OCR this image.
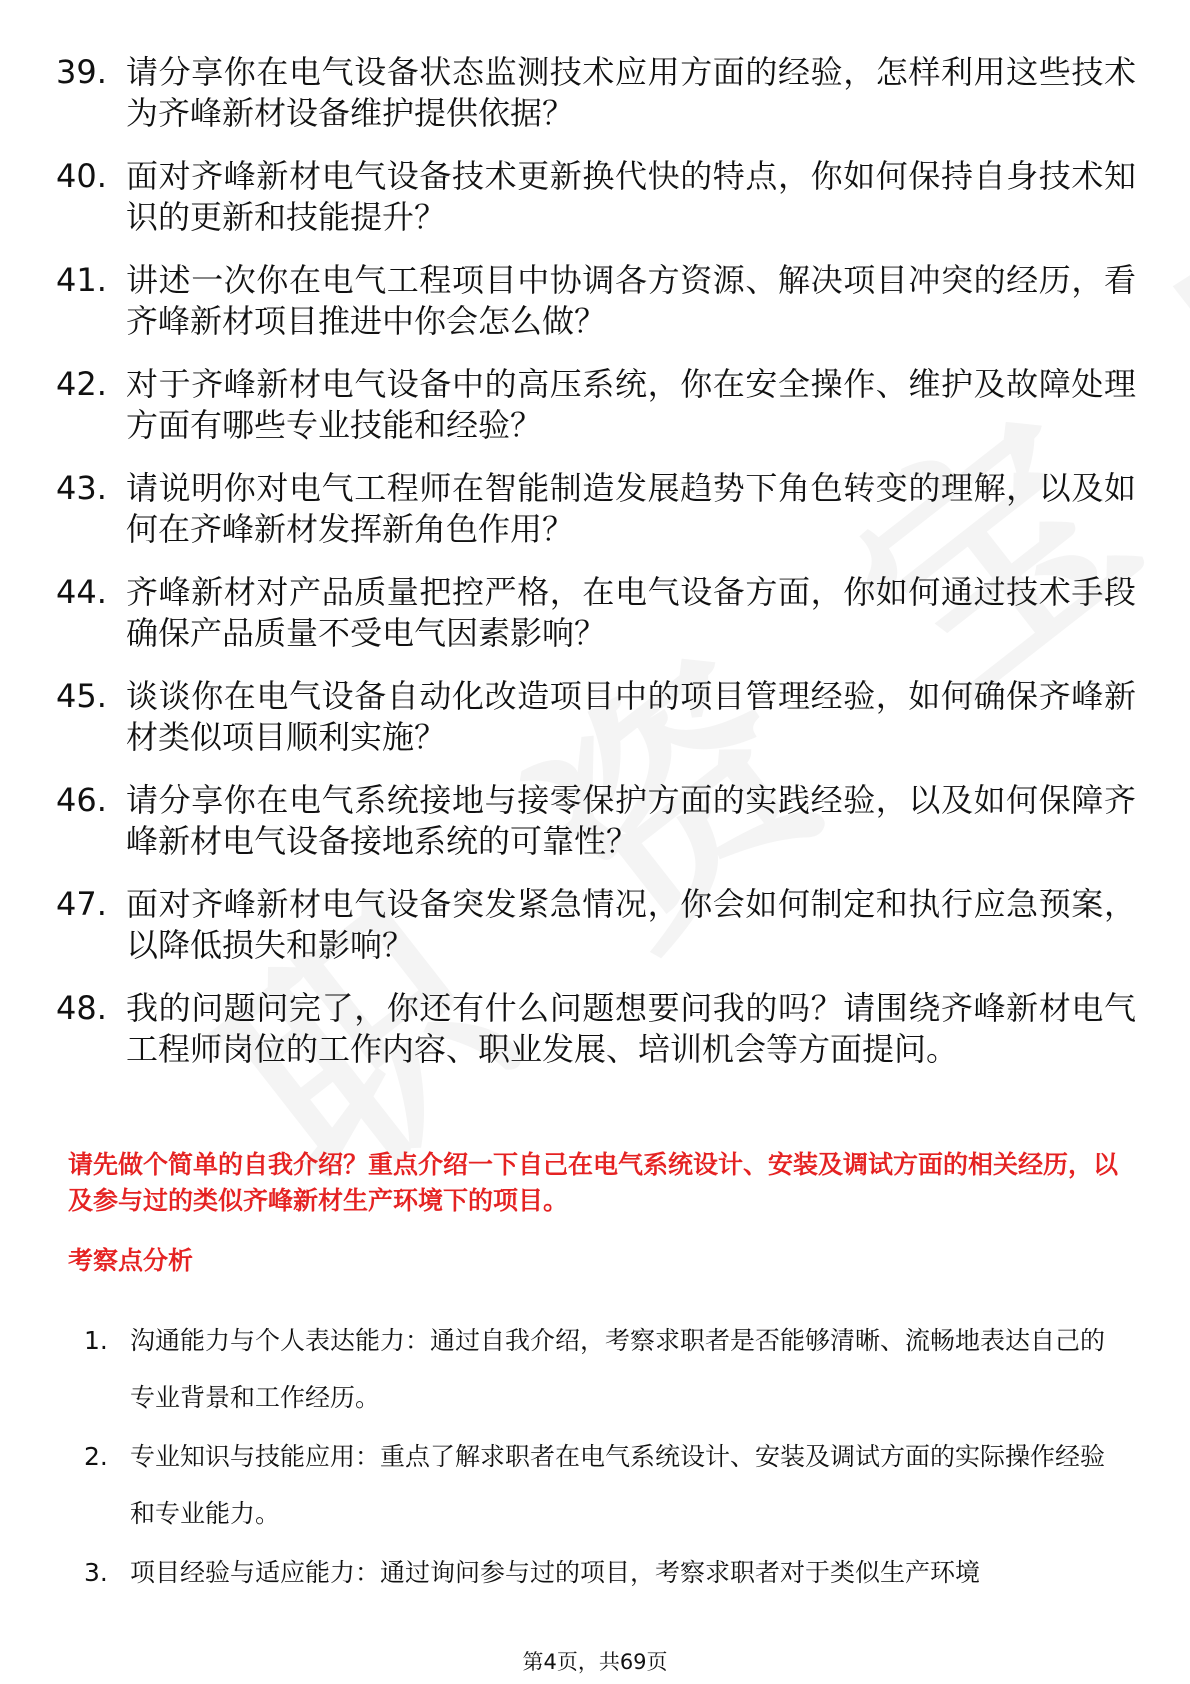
39. 请分享你在电气设备状态监测技术应用方面的经验，怎样利用这些技术为齐峰新材设备维护提供依据？
40. 面对齐峰新材电气设备技术更新换代快的特点，你如何保持自身技术知识的更新和技能提升？
41. 讲述一次你在电气工程项目中协调各方资源、解决项目冲突的经历，看齐峰新材项目推进中你会怎么做？
42. 对于齐峰新材电气设备中的高压系统，你在安全操作、维护及故障处理方面有哪些专业技能和经验？
43. 请说明你对电气工程师在智能制造发展趋势下角色转变的理解，以及如何在齐峰新材发挥新角色作用？
44. 齐峰新材对产品质量把控严格，在电气设备方面，你如何通过技术手段确保产品质量不受电气因素影响？
45. 谈谈你在电气设备自动化改造项目中的项目管理经验，如何确保齐峰新材类似项目顺利实施？
46. 请分享你在电气系统接地与接零保护方面的实践经验，以及如何保障齐峰新材电气设备接地系统的可靠性？
47. 面对齐峰新材电气设备突发紧急情况，你会如何制定和执行应急预案，以降低损失和影响？
48. 我的问题问完了，你还有什么问题想要问我的吗？请围绕齐峰新材电气工程师岗位的工作内容、职业发展、培训机会等方面提问。
请先做个简单的自我介绍？重点介绍一下自己在电气系统设计、安装及调试方面的相关经历，以及参与过的类似齐峰新材生产环境下的项目。
考察点分析
1. 沟通能力与个人表达能力：通过自我介绍，考察求职者是否能够清晰、流畅地表达自己的专业背景和工作经历。
2. 专业知识与技能应用：重点了解求职者在电气系统设计、安装及调试方面的实际操作经验和专业能力。
3. 项目经验与适应能力：通过询问参与过的项目，考察求职者对于类似生产环境
第4页，共69页
